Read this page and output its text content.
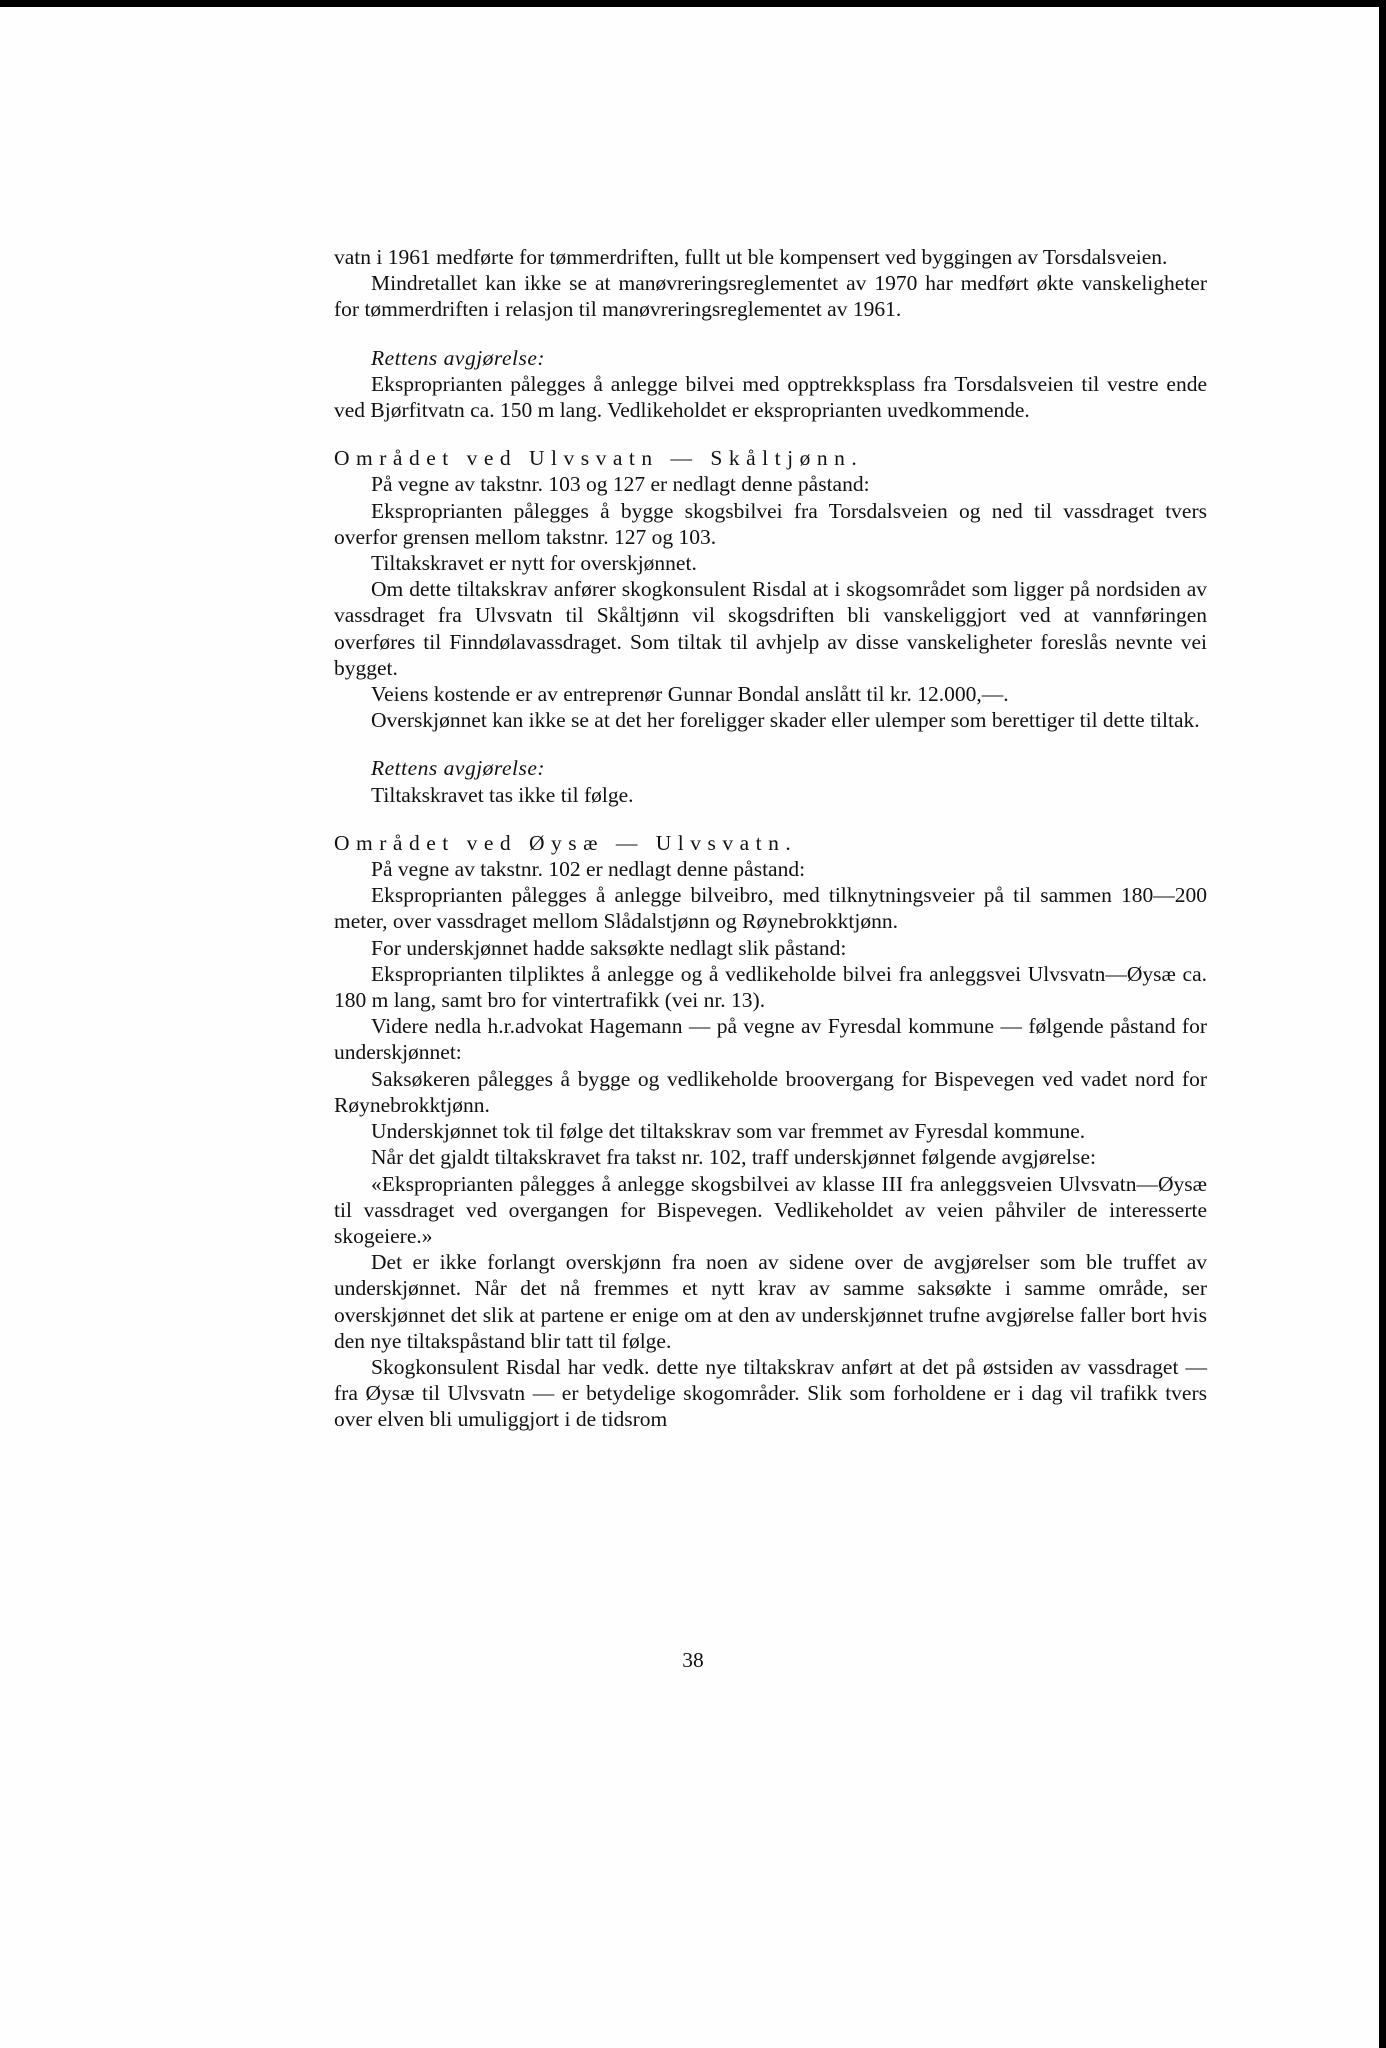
vatn i 1961 medførte for tømmerdriften, fullt ut ble kompensert ved byggingen av Torsdalsveien.

Mindretallet kan ikke se at manøvreringsreglementet av 1970 har medført økte vanskeligheter for tømmerdriften i relasjon til manøvreringsreglementet av 1961.

Rettens avgjørelse:

Eksproprianten pålegges å anlegge bilvei med opptrekksplass fra Torsdalsveien til vestre ende ved Bjørfitvatn ca. 150 m lang. Vedlikeholdet er eksproprianten uvedkommende.

Området ved Ulvsvatn — Skåltjønn.

På vegne av takstnr. 103 og 127 er nedlagt denne påstand:

Eksproprianten pålegges å bygge skogsbilvei fra Torsdalsveien og ned til vassdraget tvers overfor grensen mellom takstnr. 127 og 103.

Tiltakskravet er nytt for overskjønnet.

Om dette tiltakskrav anfører skogkonsulent Risdal at i skogsområdet som ligger på nordsiden av vassdraget fra Ulvsvatn til Skåltjønn vil skogsdriften bli vanskeliggjort ved at vannføringen overføres til Finndølavassdraget. Som tiltak til avhjelp av disse vanskeligheter foreslås nevnte vei bygget.

Veiens kostende er av entreprenør Gunnar Bondal anslått til kr. 12.000,—.

Overskjønnet kan ikke se at det her foreligger skader eller ulemper som berettiger til dette tiltak.

Rettens avgjørelse:

Tiltakskravet tas ikke til følge.

Området ved Øysæ — Ulvsvatn.

På vegne av takstnr. 102 er nedlagt denne påstand:

Eksproprianten pålegges å anlegge bilveibro, med tilknytningsveier på til sammen 180—200 meter, over vassdraget mellom Slådalstjønn og Røynebrokktjønn.

For underskjønnet hadde saksøkte nedlagt slik påstand:

Eksproprianten tilpliktes å anlegge og å vedlikeholde bilvei fra anleggsvei Ulvsvatn—Øysæ ca. 180 m lang, samt bro for vintertrafikk (vei nr. 13).

Videre nedla h.r.advokat Hagemann — på vegne av Fyresdal kommune — følgende påstand for underskjønnet:

Saksøkeren pålegges å bygge og vedlikeholde broovergang for Bispevegen ved vadet nord for Røynebrokktjønn.

Underskjønnet tok til følge det tiltakskrav som var fremmet av Fyresdal kommune.

Når det gjaldt tiltakskravet fra takst nr. 102, traff underskjønnet følgende avgjørelse:

«Eksproprianten pålegges å anlegge skogsbilvei av klasse III fra anleggsveien Ulvsvatn—Øysæ til vassdraget ved overgangen for Bispevegen. Vedlikeholdet av veien påhviler de interesserte skogeiere.»

Det er ikke forlangt overskjønn fra noen av sidene over de avgjørelser som ble truffet av underskjønnet. Når det nå fremmes et nytt krav av samme saksøkte i samme område, ser overskjønnet det slik at partene er enige om at den av underskjønnet trufne avgjørelse faller bort hvis den nye tiltakspåstand blir tatt til følge.

Skogkonsulent Risdal har vedk. dette nye tiltakskrav anført at det på østsiden av vassdraget — fra Øysæ til Ulvsvatn — er betydelige skogområder. Slik som forholdene er i dag vil trafikk tvers over elven bli umuliggjort i de tidsrom

38
